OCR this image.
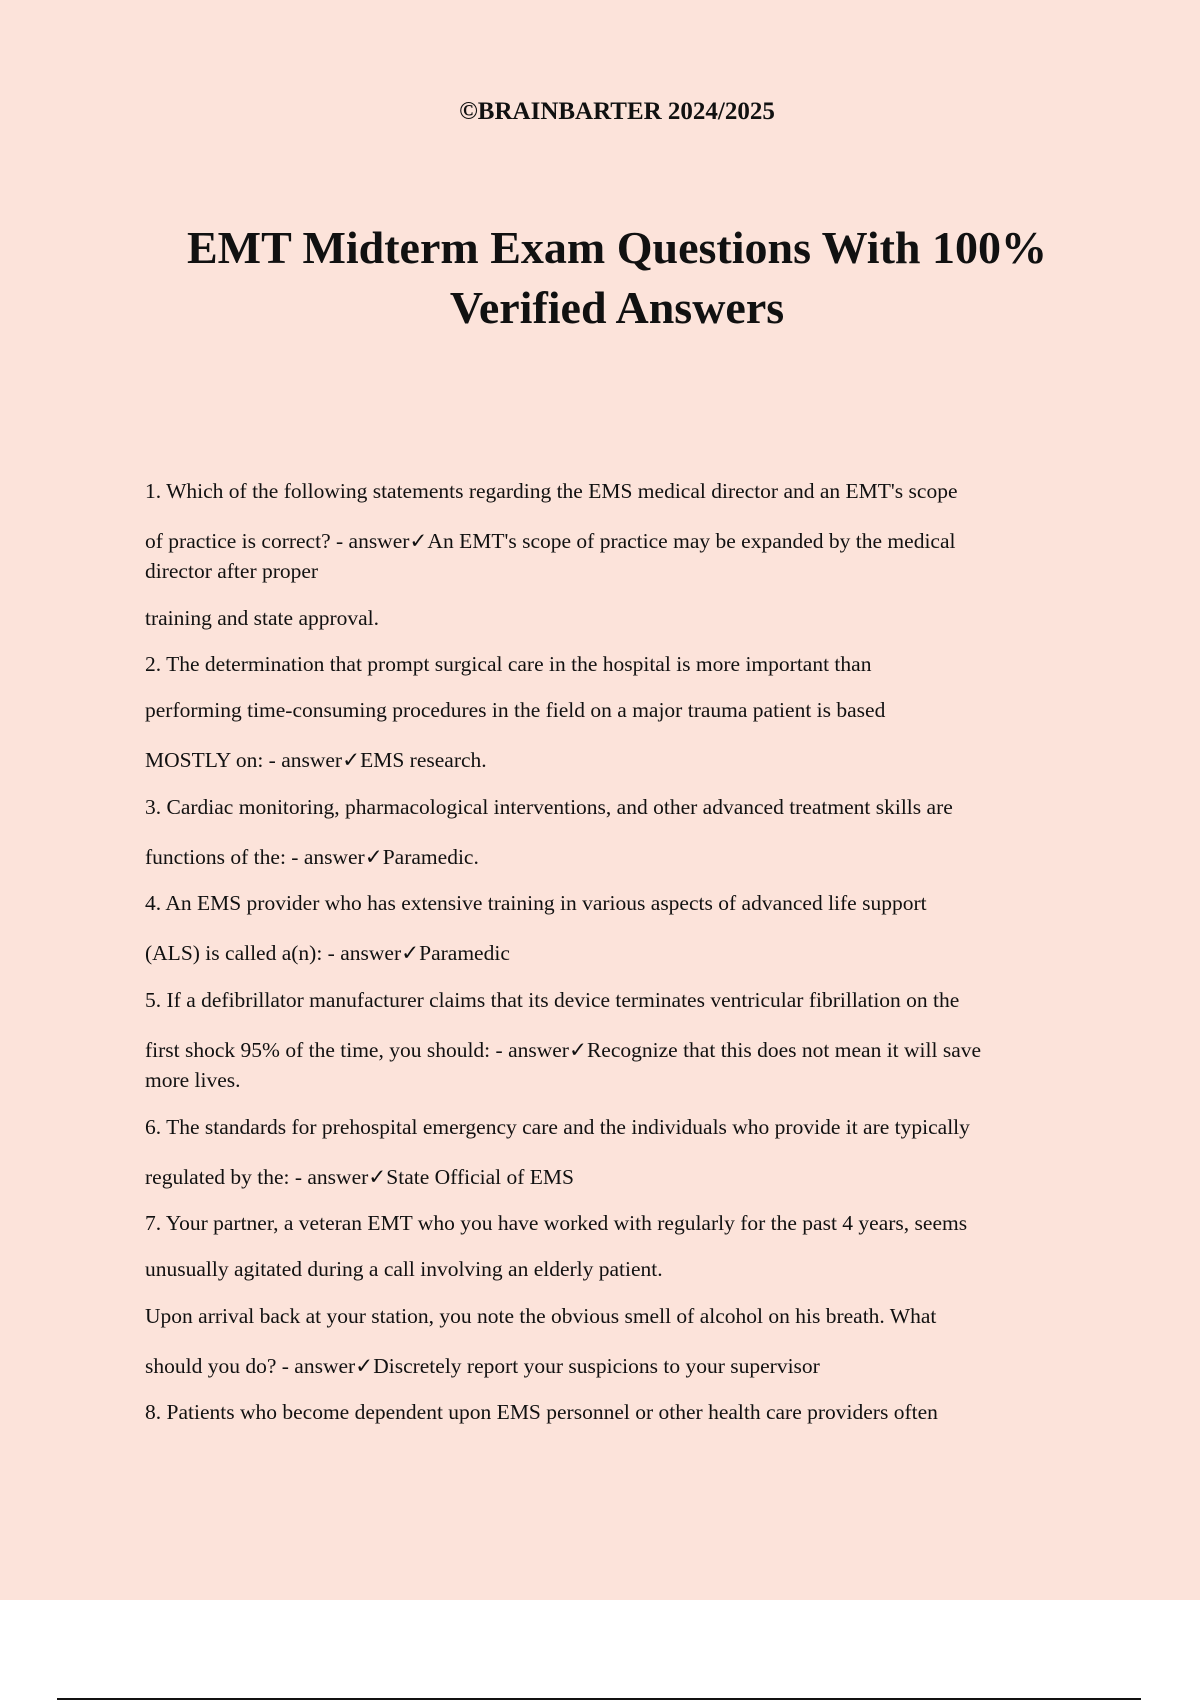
©BRAINBARTER 2024/2025
EMT Midterm Exam Questions With 100%
Verified Answers
1. Which of the following statements regarding the EMS medical director and an EMT's scope
of practice is correct? - answer✓An EMT's scope of practice may be expanded by the medical
director after proper
training and state approval.
2. The determination that prompt surgical care in the hospital is more important than
performing time-consuming procedures in the field on a major trauma patient is based
MOSTLY on: - answer✓EMS research.
3. Cardiac monitoring, pharmacological interventions, and other advanced treatment skills are
functions of the: - answer✓Paramedic.
4. An EMS provider who has extensive training in various aspects of advanced life support
(ALS) is called a(n): - answer✓Paramedic
5. If a defibrillator manufacturer claims that its device terminates ventricular fibrillation on the
first shock 95% of the time, you should: - answer✓Recognize that this does not mean it will save
more lives.
6. The standards for prehospital emergency care and the individuals who provide it are typically
regulated by the: - answer✓State Official of EMS
7. Your partner, a veteran EMT who you have worked with regularly for the past 4 years, seems
unusually agitated during a call involving an elderly patient.
Upon arrival back at your station, you note the obvious smell of alcohol on his breath. What
should you do? - answer✓Discretely report your suspicions to your supervisor
8. Patients who become dependent upon EMS personnel or other health care providers often
